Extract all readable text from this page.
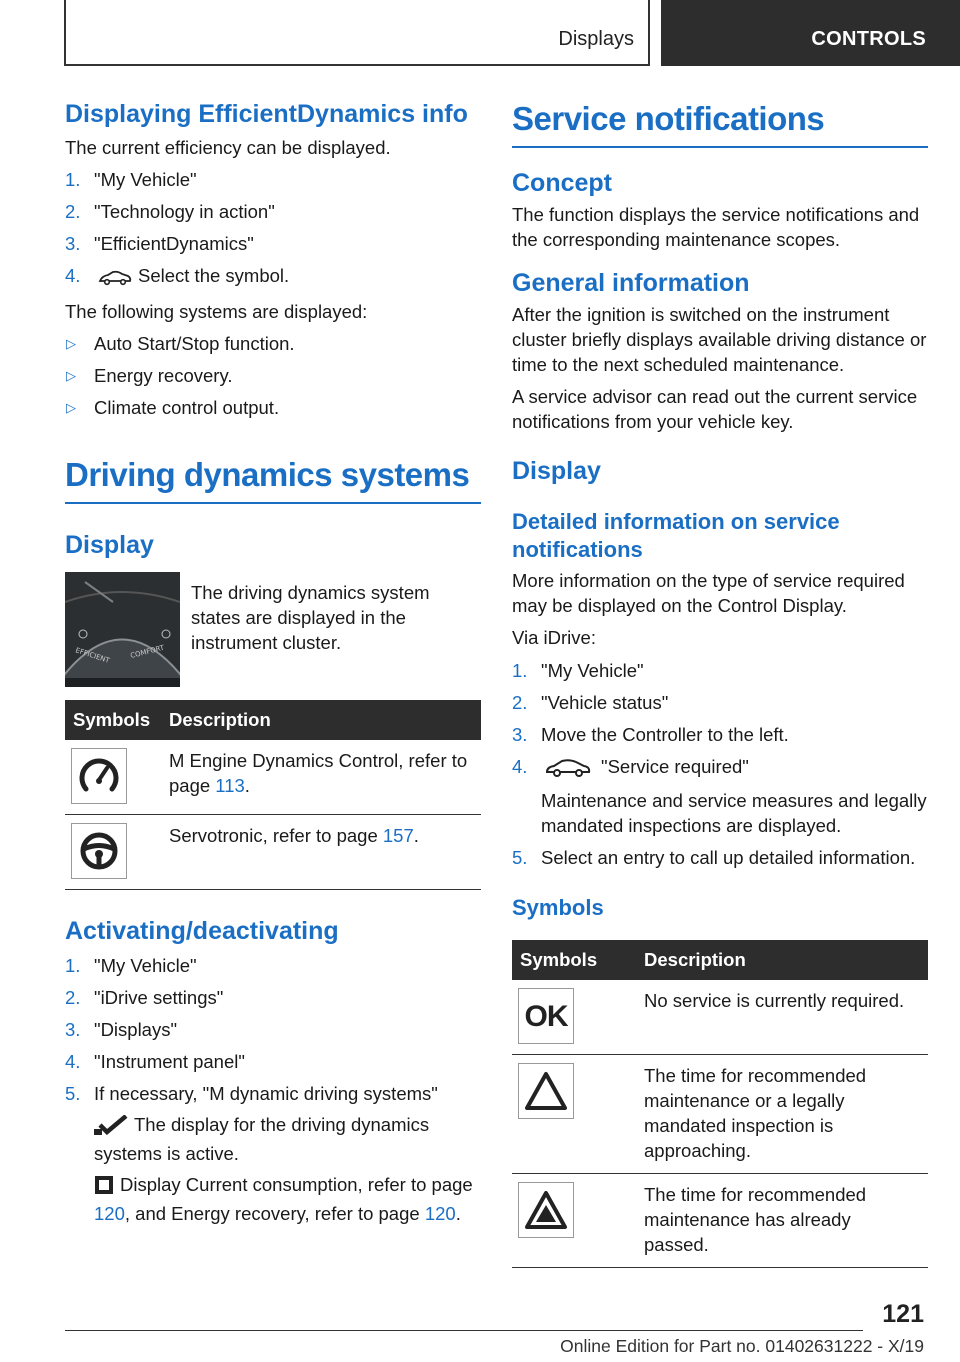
Displays	CONTROLS
Displaying EfficientDynamics info

The current efficiency can be displayed.

1. "My Vehicle"
2. "Technology in action"
3. "EfficientDynamics"
4.	Select the symbol.

The following systems are displayed:

▷ Auto Start/Stop function.
▷ Energy recovery.
▷ Climate control output.
Driving dynamics systems
Display
EFFICIENT	COMFORT

The driving dynamics system states are displayed in the instrument cluster.

Symbols	Description

	M Engine Dynamics Control, refer to page 113.

	Servotronic, refer to page 157.
Activating/deactivating
1. "My Vehicle"
2. "iDrive settings"
3. "Displays"
4. "Instrument panel"
5. If necessary, "M dynamic driving systems"

The display for the driving dynamics systems is active.

Display Current consumption, refer to page 120, and Energy recovery, refer to page 120.

Service notifications
Concept

The function displays the service notifications and the corresponding maintenance scopes.

General information

After the ignition is switched on the instrument cluster briefly displays available driving distance or time to the next scheduled maintenance.

A service advisor can read out the current service notifications from your vehicle key.

Display
Detailed information on service notifications

More information on the type of service required may be displayed on the Control Display.

Via iDrive:

1. "My Vehicle"
2. "Vehicle status"
3. Move the Controller to the left.
4.	"Service required"

Maintenance and service measures and legally mandated inspections are displayed.

5. Select an entry to call up detailed information.
Symbols
Symbols	Description

OK	No service is currently required.

	The time for recommended maintenance or a legally mandated inspection is approaching.

	The time for recommended maintenance has already passed.
121
Online Edition for Part no. 01402631222 - X/19
